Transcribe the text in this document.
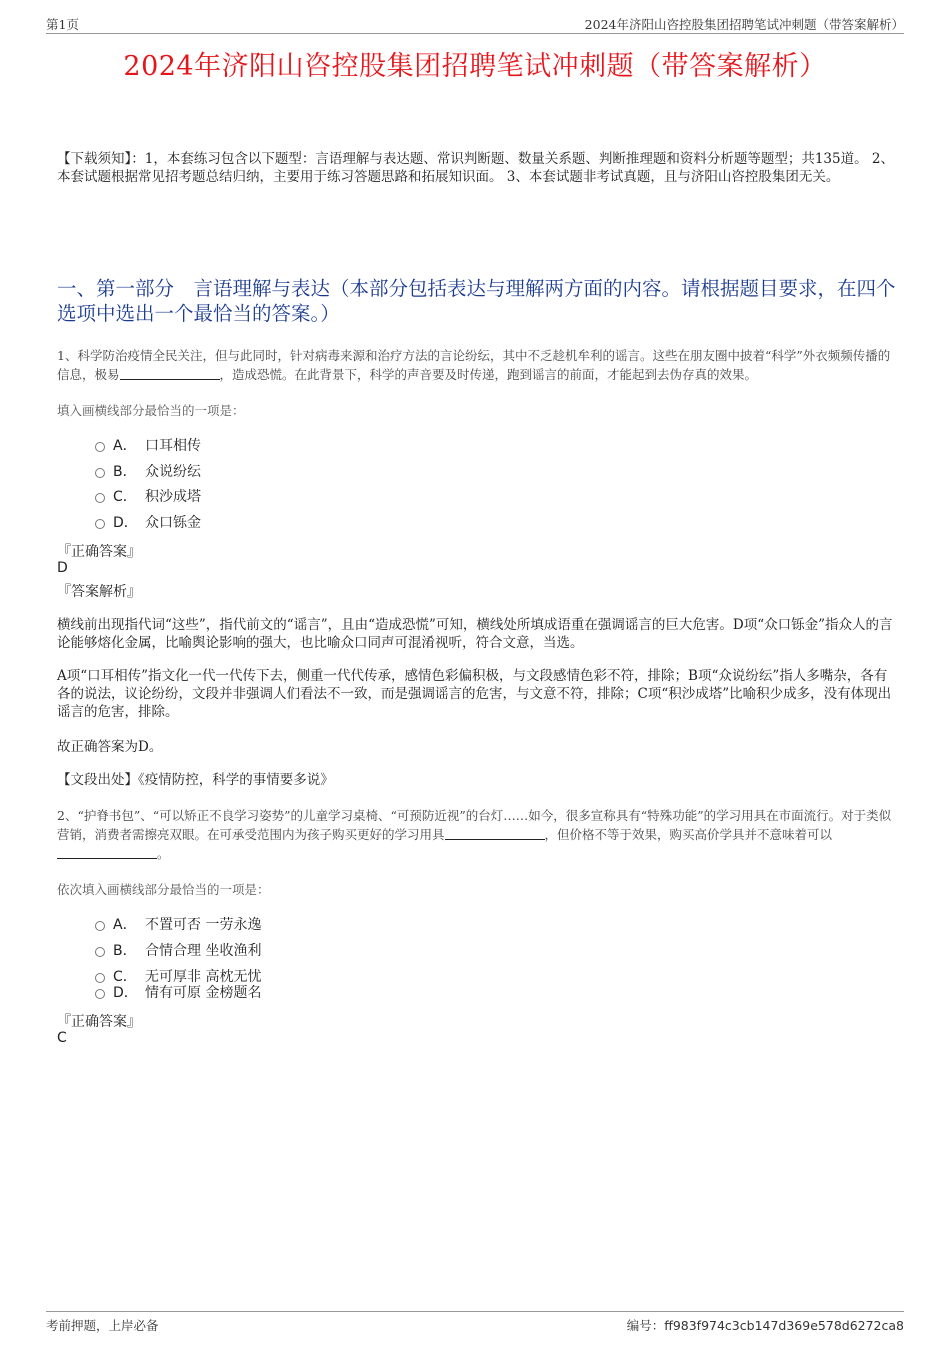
第1页	2024年济阳山咨控股集团招聘笔试冲刺题（带答案解析）
2024年济阳山咨控股集团招聘笔试冲刺题（带答案解析）
【下载须知】：1，本套练习包含以下题型：言语理解与表达题、常识判断题、数量关系题、判断推理题和资料分析题等题型；共135道。 2、本套试题根据常见招考题总结归纳，主要用于练习答题思路和拓展知识面。 3、本套试题非考试真题，且与济阳山咨控股集团无关。
一、第一部分　言语理解与表达（本部分包括表达与理解两方面的内容。请根据题目要求，在四个选项中选出一个最恰当的答案。）
1、科学防治疫情全民关注，但与此同时，针对病毒来源和治疗方法的言论纷纭，其中不乏趁机牟利的谣言。这些在朋友圈中披着“科学”外衣频频传播的信息，极易	，造成恐慌。在此背景下，科学的声音要及时传递，跑到谣言的前面，才能起到去伪存真的效果。
填入画横线部分最恰当的一项是：
A． 口耳相传
B． 众说纷纭
C． 积沙成塔
D． 众口铄金
『正确答案』
D
『答案解析』
横线前出现指代词“这些”，指代前文的“谣言”，且由“造成恐慌”可知，横线处所填成语重在强调谣言的巨大危害。D项“众口铄金”指众人的言论能够熔化金属，比喻舆论影响的强大，也比喻众口同声可混淆视听，符合文意，当选。
A项“口耳相传”指文化一代一代传下去，侧重一代代传承，感情色彩偏积极，与文段感情色彩不符，排除；B项“众说纷纭”指人多嘴杂，各有各的说法，议论纷纷，文段并非强调人们看法不一致，而是强调谣言的危害，与文意不符，排除；C项“积沙成塔”比喻积少成多，没有体现出谣言的危害，排除。
故正确答案为D。
【文段出处】《疫情防控，科学的事情要多说》
2、“护脊书包”、“可以矫正不良学习姿势”的儿童学习桌椅、“可预防近视”的台灯……如今，很多宣称具有“特殊功能”的学习用具在市面流行。对于类似营销，消费者需擦亮双眼。在可承受范围内为孩子购买更好的学习用具	，但价格不等于效果，购买高价学具并不意味着可以。
依次填入画横线部分最恰当的一项是：
A． 不置可否 一劳永逸
B． 合情合理 坐收渔利
C． 无可厚非 高枕无忧
D． 情有可原 金榜题名
『正确答案』
C
考前押题，上岸必备	编号：ff983f974c3cb147d369e578d6272ca8
